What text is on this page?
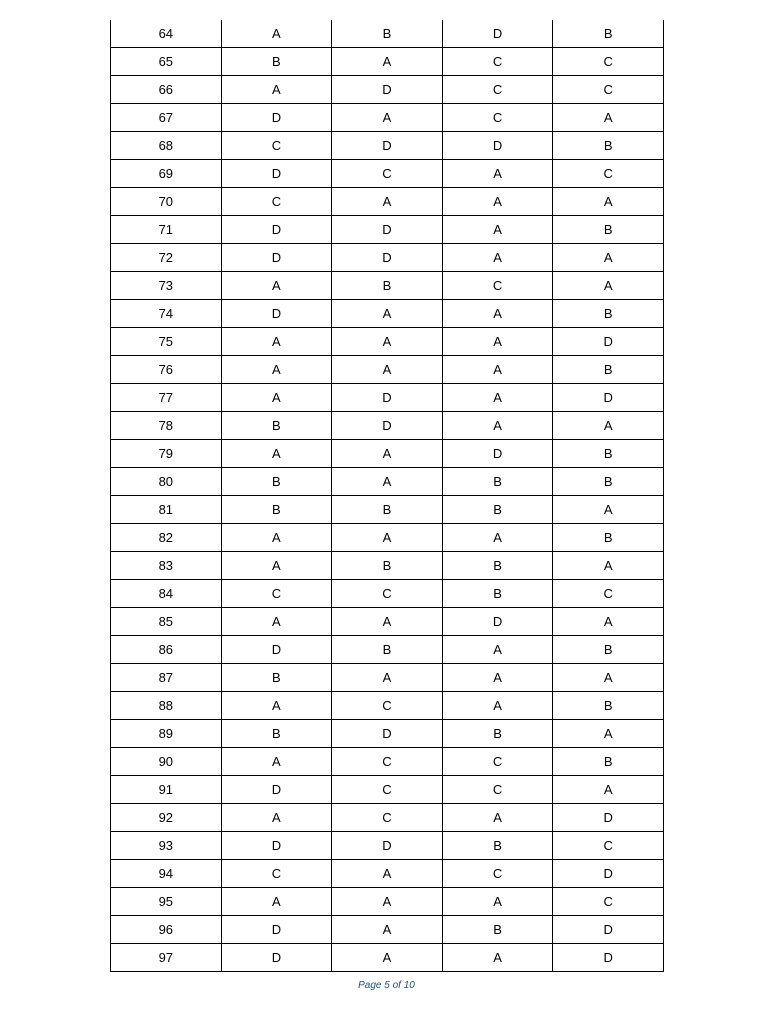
64	A	B	D	B
65	B	A	C	C
66	A	D	C	C
67	D	A	C	A
68	C	D	D	B
69	D	C	A	C
70	C	A	A	A
71	D	D	A	B
72	D	D	A	A
73	A	B	C	A
74	D	A	A	B
75	A	A	A	D
76	A	A	A	B
77	A	D	A	D
78	B	D	A	A
79	A	A	D	B
80	B	A	B	B
81	B	B	B	A
82	A	A	A	B
83	A	B	B	A
84	C	C	B	C
85	A	A	D	A
86	D	B	A	B
87	B	A	A	A
88	A	C	A	B
89	B	D	B	A
90	A	C	C	B
91	D	C	C	A
92	A	C	A	D
93	D	D	B	C
94	C	A	C	D
95	A	A	A	C
96	D	A	B	D
97	D	A	A	D
Page 5 of 10
